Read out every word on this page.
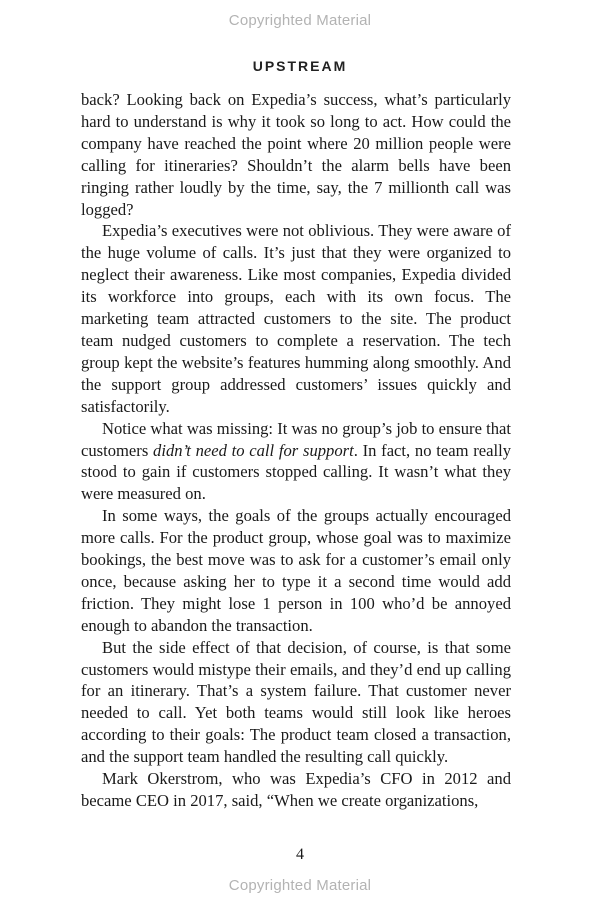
Copyrighted Material
UPSTREAM

back? Looking back on Expedia’s success, what’s particularly hard to understand is why it took so long to act. How could the company have reached the point where 20 million people were calling for itineraries? Shouldn’t the alarm bells have been ringing rather loudly by the time, say, the 7 millionth call was logged?

Expedia’s executives were not oblivious. They were aware of the huge volume of calls. It’s just that they were organized to neglect their awareness. Like most companies, Expedia divided its workforce into groups, each with its own focus. The marketing team attracted customers to the site. The product team nudged customers to complete a reservation. The tech group kept the website’s features humming along smoothly. And the support group addressed customers’ issues quickly and satisfactorily.

Notice what was missing: It was no group’s job to ensure that customers didn’t need to call for support. In fact, no team really stood to gain if customers stopped calling. It wasn’t what they were measured on.

In some ways, the goals of the groups actually encouraged more calls. For the product group, whose goal was to maximize bookings, the best move was to ask for a customer’s email only once, because asking her to type it a second time would add friction. They might lose 1 person in 100 who’d be annoyed enough to abandon the transaction.

But the side effect of that decision, of course, is that some customers would mistype their emails, and they’d end up calling for an itinerary. That’s a system failure. That customer never needed to call. Yet both teams would still look like heroes according to their goals: The product team closed a transaction, and the support team handled the resulting call quickly.

Mark Okerstrom, who was Expedia’s CFO in 2012 and became CEO in 2017, said, “When we create organizations,

4
Copyrighted Material
